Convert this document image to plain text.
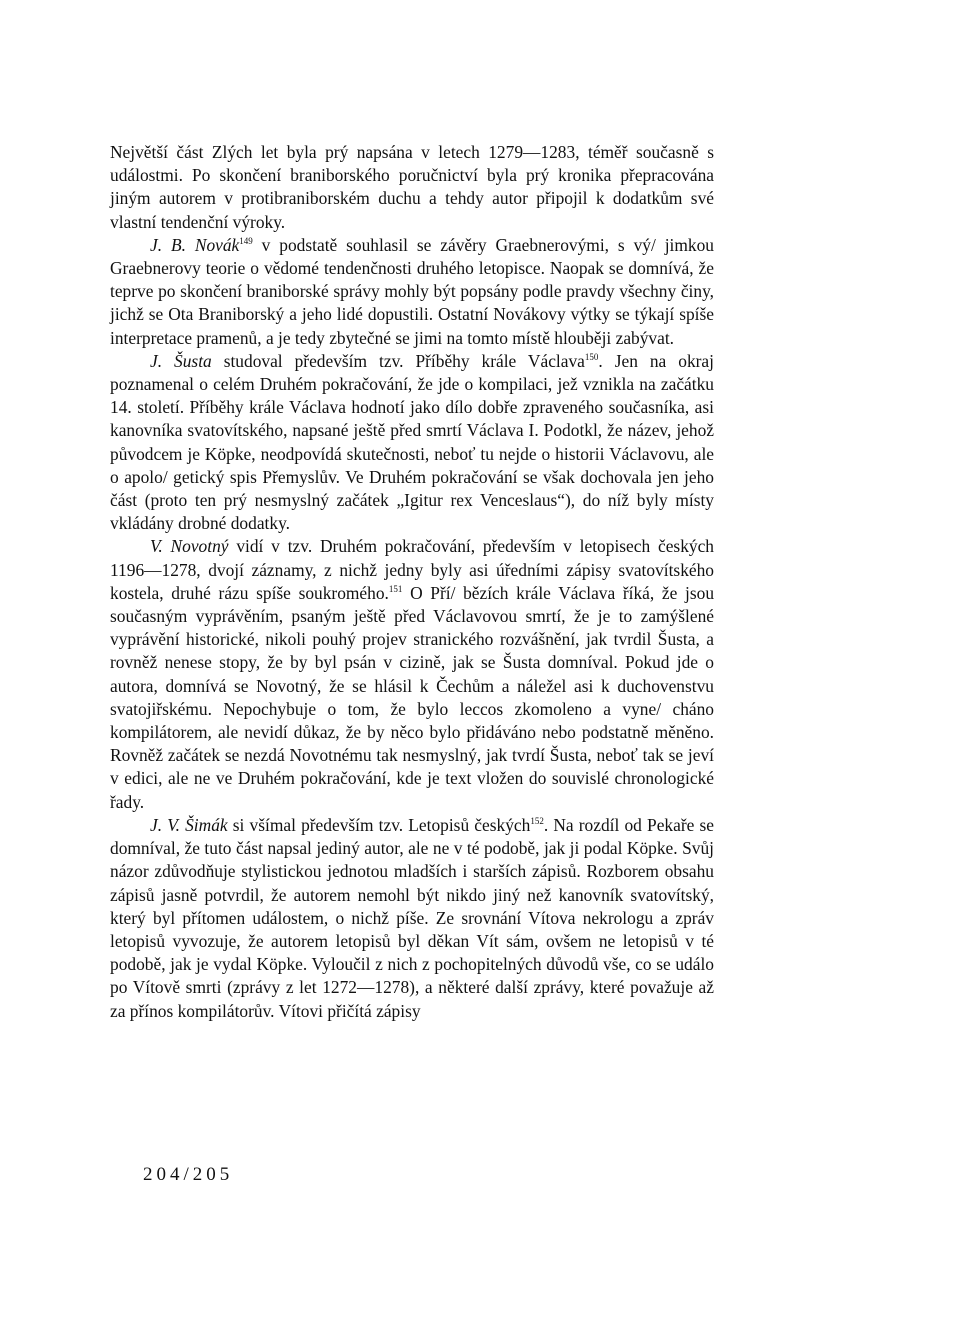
Největší část Zlých let byla prý napsána v letech 1279—1283, téměř současně s událostmi. Po skončení braniborského poručnictví byla prý kronika přepracována jiným autorem v protibraniborském duchu a tehdy autor připojil k dodatkům své vlastní tendenční výroky.

J. B. Novák$^{149}$ v podstatě souhlasil se závěry Graebnerovými, s vý/ jimkou Graebnerovy teorie o vědomé tendenčnosti druhého letopisce. Naopak se domnívá, že teprve po skončení braniborské správy mohly být popsány podle pravdy všechny činy, jichž se Ota Braniborský a jeho lidé dopustili. Ostatní Novákovy výtky se týkají spíše interpretace pramenů, a je tedy zbytečné se jimi na tomto místě hlouběji zabývat.

J. Šusta studoval především tzv. Příběhy krále Václava$^{150}$. Jen na okraj poznamenal o celém Druhém pokračování, že jde o kompilaci, jež vznikla na začátku 14. století. Příběhy krále Václava hodnotí jako dílo dobře zpraveného současníka, asi kanovníka svatovítského, napsané ještě před smrtí Václava I. Podotkl, že název, jehož původcem je Köpke, neodpovídá skutečnosti, neboť tu nejde o historii Václavovu, ale o apolo/ getický spis Přemyslův. Ve Druhém pokračování se však dochovala jen jeho část (proto ten prý nesmyslný začátek „Igitur rex Venceslaus“), do níž byly místy vkládány drobné dodatky.

V. Novotný vidí v tzv. Druhém pokračování, především v letopisech českých 1196—1278, dvojí záznamy, z nichž jedny byly asi úředními zápisy svatovítského kostela, druhé rázu spíše soukromého.$^{151}$ O Pří/ bězích krále Václava říká, že jsou současným vyprávěním, psaným ještě před Václavovou smrtí, že je to zamýšlené vyprávění historické, nikoli pouhý projev stranického rozvášnění, jak tvrdil Šusta, a rovněž nenese stopy, že by byl psán v cizině, jak se Šusta domníval. Pokud jde o autora, domnívá se Novotný, že se hlásil k Čechům a náležel asi k duchovenstvu svatojiřskému. Nepochybuje o tom, že bylo leccos zkomoleno a vyne/ cháno kompilátorem, ale nevidí důkaz, že by něco bylo přidáváno nebo podstatně měněno. Rovněž začátek se nezdá Novotnému tak nesmyslný, jak tvrdí Šusta, neboť tak se jeví v edici, ale ne ve Druhém pokračování, kde je text vložen do souvislé chronologické řady.

J. V. Šimák si všímal především tzv. Letopisů českých$^{152}$. Na rozdíl od Pekaře se domníval, že tuto část napsal jediný autor, ale ne v té podobě, jak ji podal Köpke. Svůj názor zdůvodňuje stylistickou jednotou mladších i starších zápisů. Rozborem obsahu zápisů jasně potvrdil, že autorem nemohl být nikdo jiný než kanovník svatovítský, který byl přítomen událostem, o nichž píše. Ze srovnání Vítova nekrologu a zpráv letopisů vyvozuje, že autorem letopisů byl děkan Vít sám, ovšem ne letopisů v té podobě, jak je vydal Köpke. Vyloučil z nich z pochopitelných důvodů vše, co se událo po Vítově smrti (zprávy z let 1272—1278), a některé další zprávy, které považuje až za přínos kompilátorův. Vítovi přičítá zápisy

204/205
